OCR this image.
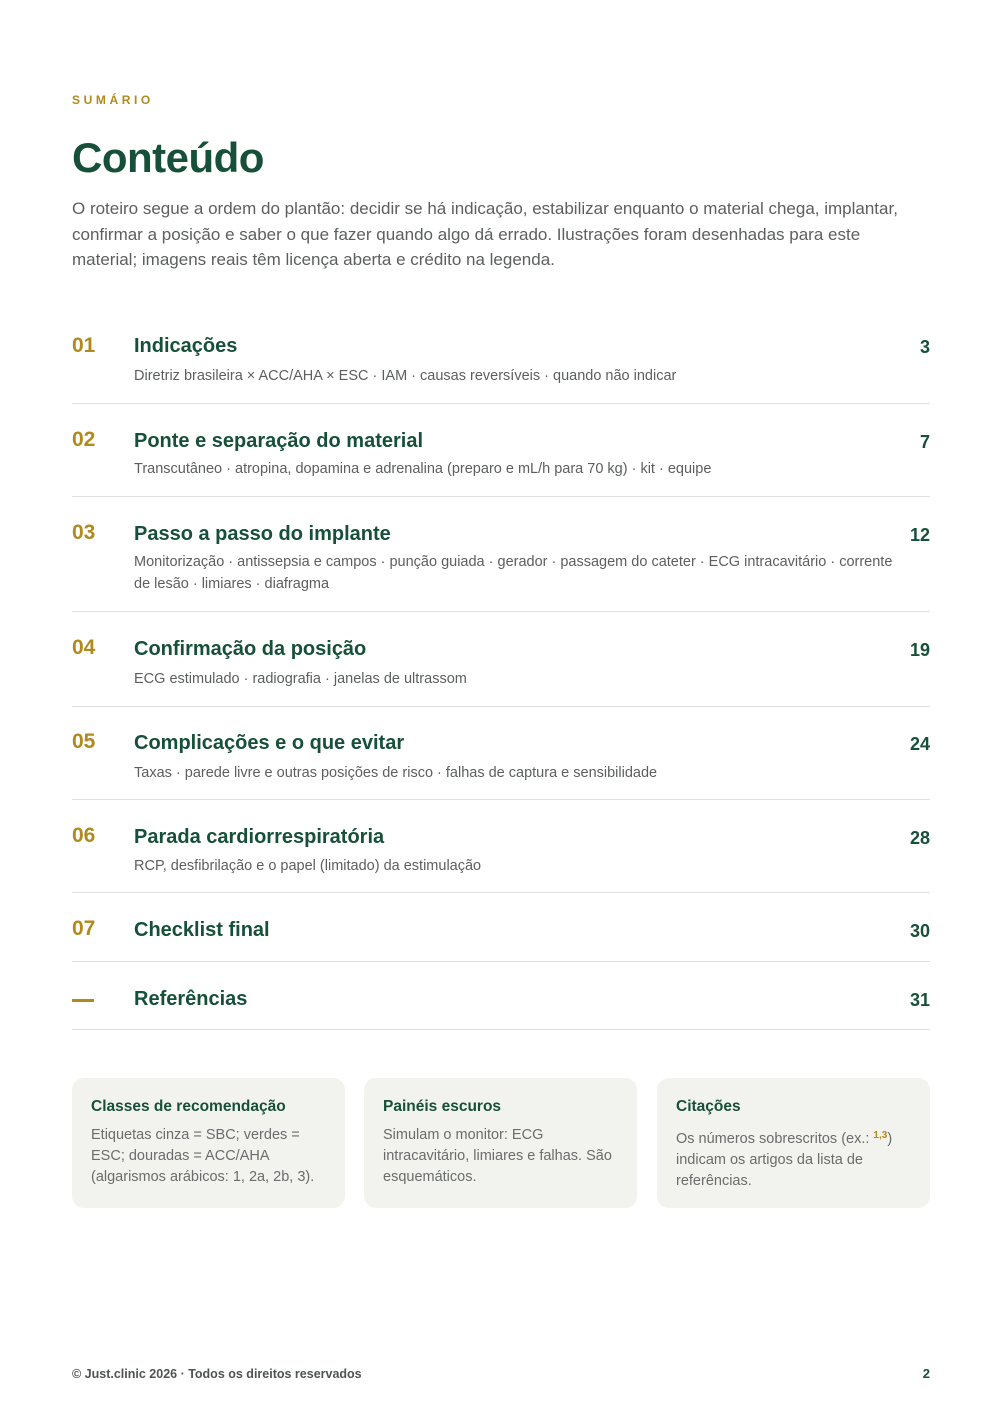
SUMÁRIO
Conteúdo

O roteiro segue a ordem do plantão: decidir se há indicação, estabilizar enquanto o material chega, implantar, confirmar a posição e saber o que fazer quando algo dá errado. Ilustrações foram desenhadas para este material; imagens reais têm licença aberta e crédito na legenda.

01 Indicações	3
Diretriz brasileira × ACC/AHA × ESC · IAM · causas reversíveis · quando não indicar
02 Ponte e separação do material	7
Transcutâneo · atropina, dopamina e adrenalina (preparo e mL/h para 70 kg) · kit · equipe
03 Passo a passo do implante	12
Monitorização · antissepsia e campos · punção guiada · gerador · passagem do cateter · ECG intracavitário · corrente de lesão · limiares · diafragma
04 Confirmação da posição	19
ECG estimulado · radiografia · janelas de ultrassom
05 Complicações e o que evitar	24
Taxas · parede livre e outras posições de risco · falhas de captura e sensibilidade
06 Parada cardiorrespiratória	28
RCP, desfibrilação e o papel (limitado) da estimulação
07 Checklist final	30
Referências	31
Classes de recomendação
Etiquetas cinza = SBC; verdes = ESC; douradas = ACC/AHA (algarismos arábicos: 1, 2a, 2b, 3).
Painéis escuros
Simulam o monitor: ECG intracavitário, limiares e falhas. São esquemáticos.
Citações
Os números sobrescritos (ex.: $^{1,3}$) indicam os artigos da lista de referências.
© Just.clinic 2026 · Todos os direitos reservados	2
